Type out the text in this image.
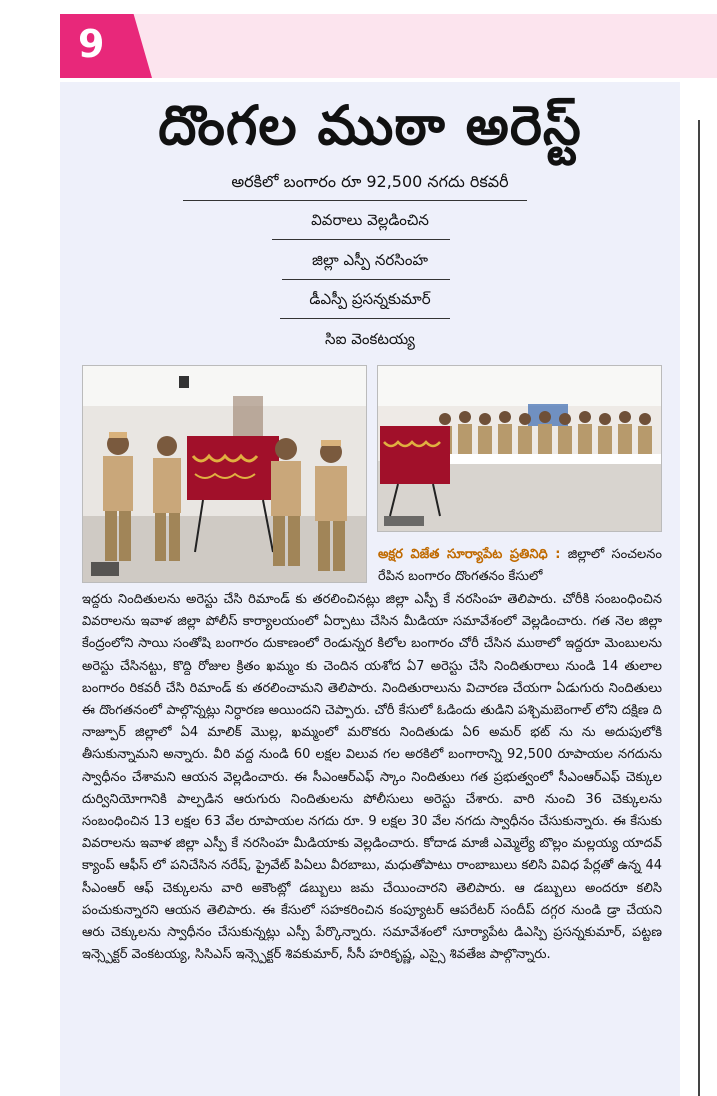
9
దొంగల ముఠా అరెస్ట్
అరకిలో బంగారం రూ 92,500 నగదు రికవరీ
వివరాలు వెల్లడించిన
జిల్లా ఎస్పీ నరసింహ
డీఎస్పీ ప్రసన్నకుమార్
సిఐ వెంకటయ్య
అక్షర విజేత సూర్యాపేట ప్రతినిధి : జిల్లాలో సంచలనం రేపిన బంగారం దొంగతనం కేసులో
ఇద్దరు నిందితులను అరెస్టు చేసి రిమాండ్ కు తరలించినట్లు జిల్లా ఎస్పీ కే నరసింహ తెలిపారు. చోరీకి సంబంధించిన వివరాలను ఇవాళ జిల్లా పోలీస్ కార్యాలయంలో ఏర్పాటు చేసిన మీడియా సమావేశంలో వెల్లడించారు. గత నెల జిల్లా కేంద్రంలోని సాయి సంతోషి బంగారం దుకాణంలో రెండున్నర కిలోల బంగారం చోరీ చేసిన ముఠాలో ఇద్దరూ మెంబులను అరెస్టు చేసినట్టు, కొద్ది రోజుల క్రితం ఖమ్మం కు చెందిన యశోద ఏ7 అరెస్టు చేసి నిందితురాలు నుండి 14 తులాల బంగారం రికవరీ చేసి రిమాండ్ కు తరలించామని తెలిపారు. నిందితురాలును విచారణ చేయగా ఏడుగురు నిందితులు ఈ దొంగతనంలో పాల్గొన్నట్లు నిర్ధారణ అయిందని చెప్పారు. చోరీ కేసులో ఓడిందు తుడిని పశ్చిమబెంగాల్ లోని దక్షిణ ది నాజ్పూర్ జిల్లాలో ఏ4 మాలిక్ మొల్ల, ఖమ్మంలో మరొకరు నిందితుడు ఏ6 అమర్ భట్ ను ను అదుపులోకి తీసుకున్నామని అన్నారు. వీరి వద్ద నుండి 60 లక్షల విలువ గల అరకిలో బంగారాన్ని 92,500 రూపాయల నగదును స్వాధీనం చేశామని ఆయన వెల్లడించారు. ఈ సీఎంఆర్ఎఫ్ స్కాం నిందితులు గత ప్రభుత్వంలో సీఎంఆర్ఎఫ్ చెక్కుల దుర్వినియోగానికి పాల్పడిన ఆరుగురు నిందితులను పోలీసులు అరెస్టు చేశారు. వారి నుంచి 36 చెక్కులను సంబంధించిన 13 లక్షల 63 వేల రూపాయల నగదు రూ. 9 లక్షల 30 వేల నగదు స్వాధీనం చేసుకున్నారు. ఈ కేసుకు వివరాలను ఇవాళ జిల్లా ఎస్పీ కే నరసింహ మీడియాకు వెల్లడించారు. కోదాడ మాజీ ఎమ్మెల్యే బొల్లం మల్లయ్య యాదవ్ క్యాంప్ ఆఫీస్ లో పనిచేసిన నరేష్, ప్రైవేట్ పిఏలు వీరబాబు, మధుతోపాటు రాంబాబులు కలిసి వివిధ పేర్లతో ఉన్న 44 సీఎంఆర్ ఆఫ్ చెక్కులను వారి అకౌంట్లో డబ్బులు జమ చేయించారని తెలిపారు. ఆ డబ్బులు అందరూ కలిసి పంచుకున్నారని ఆయన తెలిపారు. ఈ కేసులో సహకరించిన కంప్యూటర్ ఆపరేటర్ సందీప్ దగ్గర నుండి డ్రా చేయని ఆరు చెక్కులను స్వాధీనం చేసుకున్నట్లు ఎస్పీ పేర్కొన్నారు. సమావేశంలో సూర్యాపేట డిఎస్పి ప్రసన్నకుమార్, పట్టణ ఇన్స్పెక్టర్ వెంకటయ్య, సిసిఎస్ ఇన్స్పెక్టర్ శివకుమార్, సీసీ హరికృష్ణ, ఎస్సై శివతేజ పాల్గొన్నారు.
